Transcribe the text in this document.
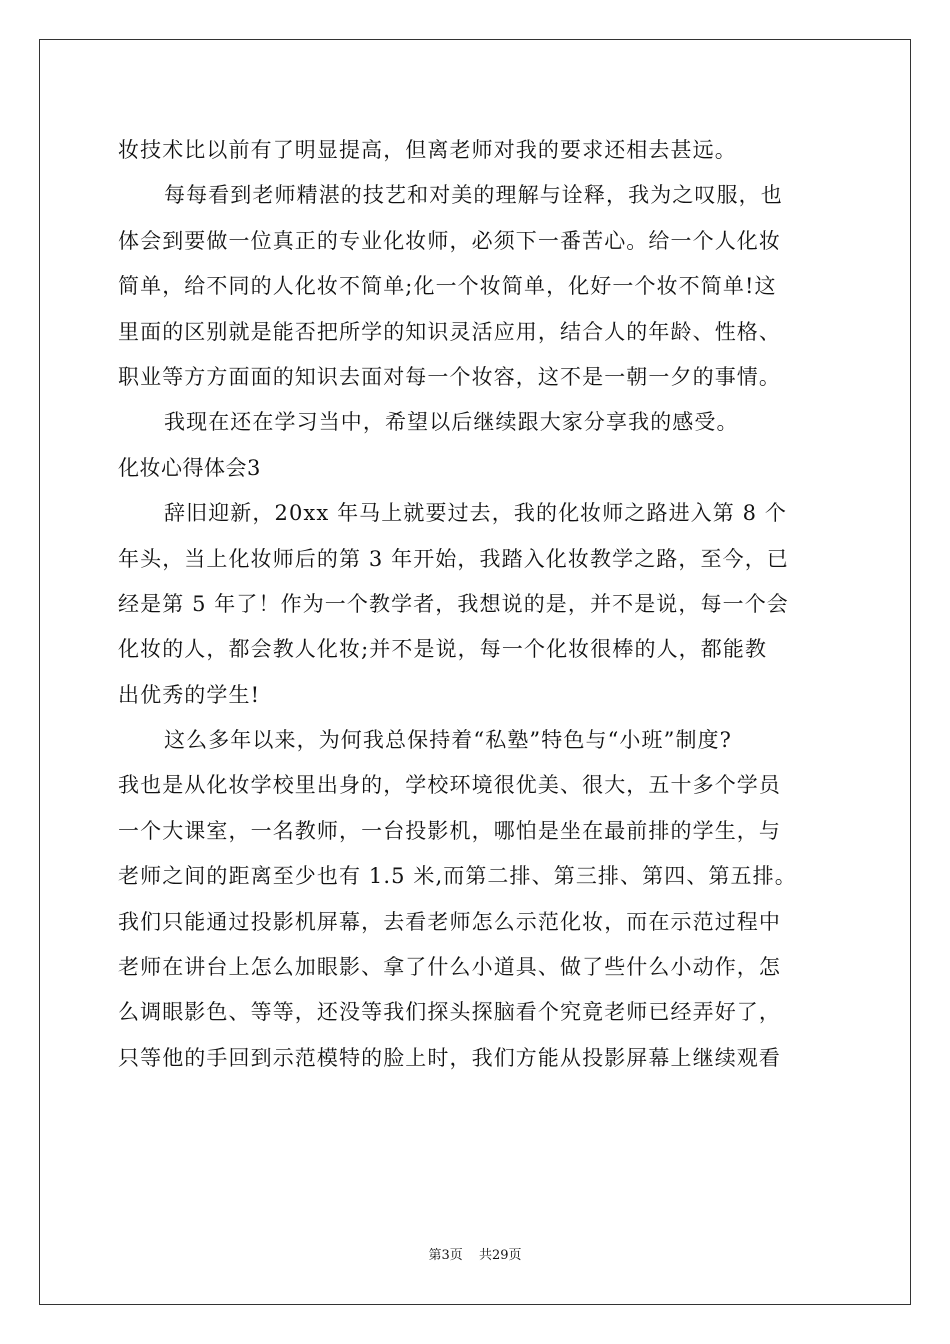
妆技术比以前有了明显提高，但离老师对我的要求还相去甚远。
每每看到老师精湛的技艺和对美的理解与诠释，我为之叹服，也
体会到要做一位真正的专业化妆师，必须下一番苦心。给一个人化妆
简单，给不同的人化妆不简单;化一个妆简单，化好一个妆不简单!这
里面的区别就是能否把所学的知识灵活应用，结合人的年龄、性格、
职业等方方面面的知识去面对每一个妆容，这不是一朝一夕的事情。
我现在还在学习当中，希望以后继续跟大家分享我的感受。
化妆心得体会3
辞旧迎新，20xx 年马上就要过去，我的化妆师之路进入第 8 个
年头，当上化妆师后的第 3 年开始，我踏入化妆教学之路，至今，已
经是第 5 年了！作为一个教学者，我想说的是，并不是说，每一个会
化妆的人，都会教人化妆;并不是说，每一个化妆很棒的人，都能教
出优秀的学生!
这么多年以来，为何我总保持着“私塾”特色与“小班”制度?
我也是从化妆学校里出身的，学校环境很优美、很大，五十多个学员
一个大课室，一名教师，一台投影机，哪怕是坐在最前排的学生，与
老师之间的距离至少也有 1.5 米,而第二排、第三排、第四、第五排。
我们只能通过投影机屏幕，去看老师怎么示范化妆，而在示范过程中
老师在讲台上怎么加眼影、拿了什么小道具、做了些什么小动作，怎
么调眼影色、等等，还没等我们探头探脑看个究竟老师已经弄好了，
只等他的手回到示范模特的脸上时，我们方能从投影屏幕上继续观看
第3页 共29页
